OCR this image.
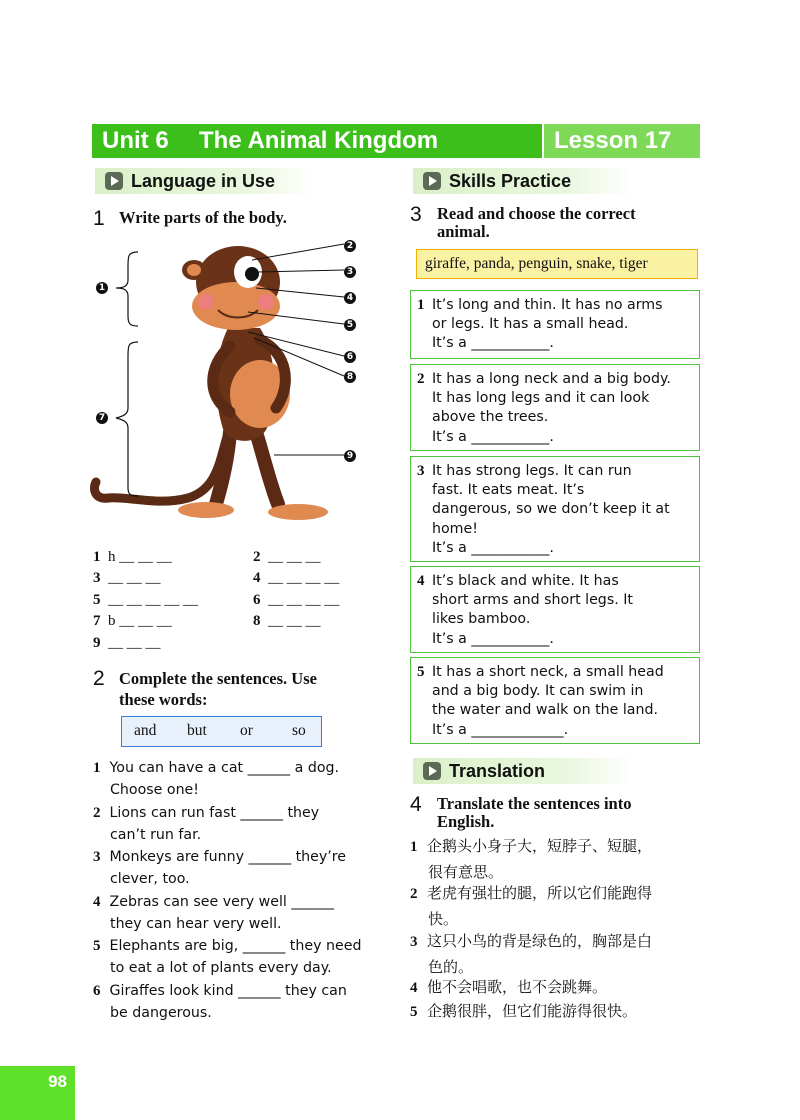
Unit 6 The Animal Kingdom	Lesson 17
Language in Use
1 Write parts of the body.
2
3
4
5
6
8
9
1
7
1 h __ __ __	2 __ __ __
3 __ __ __	4 __ __ __ __
5 __ __ __ __ __	6 __ __ __ __
7 b __ __ __	8 __ __ __
9 __ __ __
2 Complete the sentences. Use
these words:
and but or	so
1 You can have a cat ______ a dog.
Choose one!
2 Lions can run fast ______ they
can’t run far.
3 Monkeys are funny ______ they’re
clever, too.
4 Zebras can see very well ______
they can hear very well.
5 Elephants are big, ______ they need
to eat a lot of plants every day.
6 Giraffes look kind ______ they can
be dangerous.
Skills Practice
3 Read and choose the correct
animal.
giraffe, panda, penguin, snake, tiger
1 It’s long and thin. It has no arms
or legs. It has a small head.
It’s a ___________.
2 It has a long neck and a big body.
It has long legs and it can look
above the trees.
It’s a ___________.
3 It has strong legs. It can run
fast. It eats meat. It’s
dangerous, so we don’t keep it at
home!
It’s a ___________.
4 It’s black and white. It has
short arms and short legs. It
likes bamboo.
It’s a ___________.
5 It has a short neck, a small head
and a big body. It can swim in
the water and walk on the land.
It’s a _____________.
Translation
4 Translate the sentences into
English.
1 企鹅头小身子大，短脖子、短腿，
很有意思。
2 老虎有强壮的腿，所以它们能跑得
快。
3 这只小鸟的背是绿色的，胸部是白
色的。
4 他不会唱歌，也不会跳舞。
5 企鹅很胖，但它们能游得很快。
98
